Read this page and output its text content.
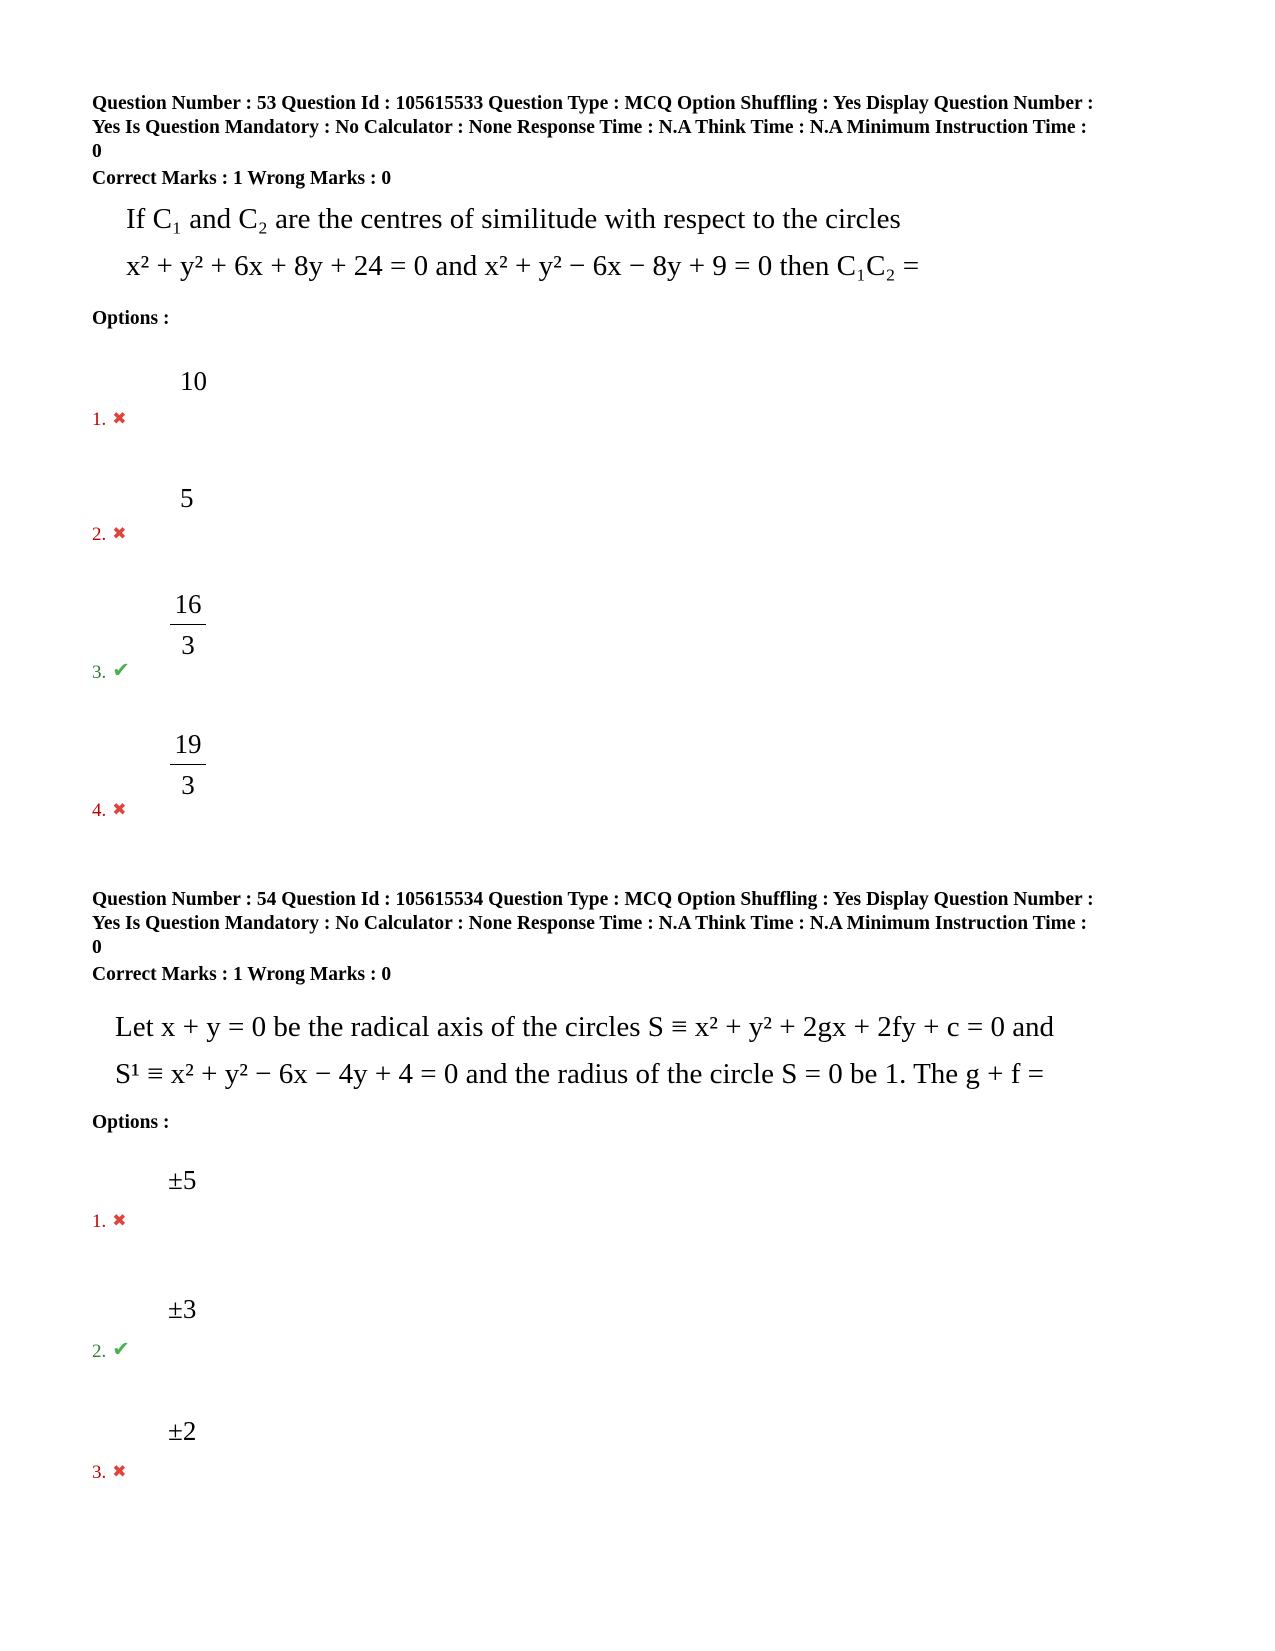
Question Number : 53 Question Id : 105615533 Question Type : MCQ Option Shuffling : Yes Display Question Number :

Yes Is Question Mandatory : No Calculator : None Response Time : N.A Think Time : N.A Minimum Instruction Time :

0

Correct Marks : 1 Wrong Marks : 0
If C₁ and C₂ are the centres of similitude with respect to the circles
x² + y² + 6x + 8y + 24 = 0 and x² + y² − 6x − 8y + 9 = 0 then C₁C₂ =
Options :
10
1. ✖
5
2. ✖
$\frac{16}{3}$
3. ✔
$\frac{19}{3}$
4. ✖

Question Number : 54 Question Id : 105615534 Question Type : MCQ Option Shuffling : Yes Display Question Number :

Yes Is Question Mandatory : No Calculator : None Response Time : N.A Think Time : N.A Minimum Instruction Time :

0

Correct Marks : 1 Wrong Marks : 0
Let x + y = 0 be the radical axis of the circles S ≡ x² + y² + 2gx + 2fy + c = 0 and
S¹ ≡ x² + y² − 6x − 4y + 4 = 0 and the radius of the circle S = 0 be 1. The g + f =
Options :
±5
1. ✖
±3
2. ✔
±2
3. ✖
